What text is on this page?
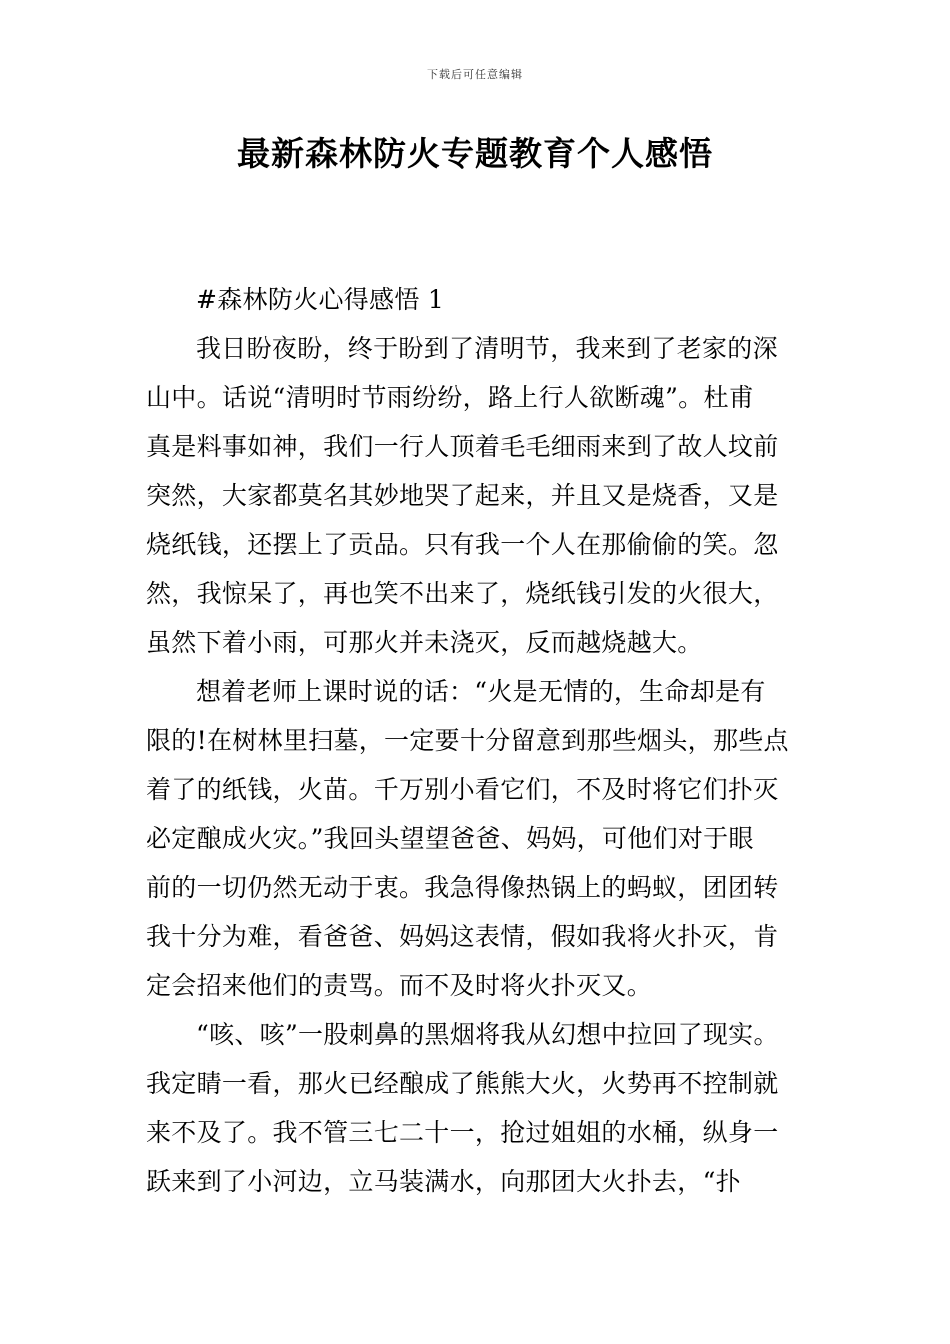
下载后可任意编辑
最新森林防火专题教育个人感悟
#森林防火心得感悟 1
我日盼夜盼，终于盼到了清明节，我来到了老家的深
山中。话说“清明时节雨纷纷，路上行人欲断魂”。杜甫
真是料事如神，我们一行人顶着毛毛细雨来到了故人坟前
突然，大家都莫名其妙地哭了起来，并且又是烧香，又是
烧纸钱，还摆上了贡品。只有我一个人在那偷偷的笑。忽
然，我惊呆了，再也笑不出来了，烧纸钱引发的火很大，
虽然下着小雨，可那火并未浇灭，反而越烧越大。
想着老师上课时说的话：“火是无情的，生命却是有
限的!在树林里扫墓，一定要十分留意到那些烟头，那些点
着了的纸钱，火苗。千万别小看它们，不及时将它们扑灭
必定酿成火灾。”我回头望望爸爸、妈妈，可他们对于眼
前的一切仍然无动于衷。我急得像热锅上的蚂蚁，团团转
我十分为难，看爸爸、妈妈这表情，假如我将火扑灭，肯
定会招来他们的责骂。而不及时将火扑灭又。
“咳、咳”一股刺鼻的黑烟将我从幻想中拉回了现实。
我定睛一看，那火已经酿成了熊熊大火，火势再不控制就
来不及了。我不管三七二十一，抢过姐姐的水桶，纵身一
跃来到了小河边，立马装满水，向那团大火扑去，“扑
